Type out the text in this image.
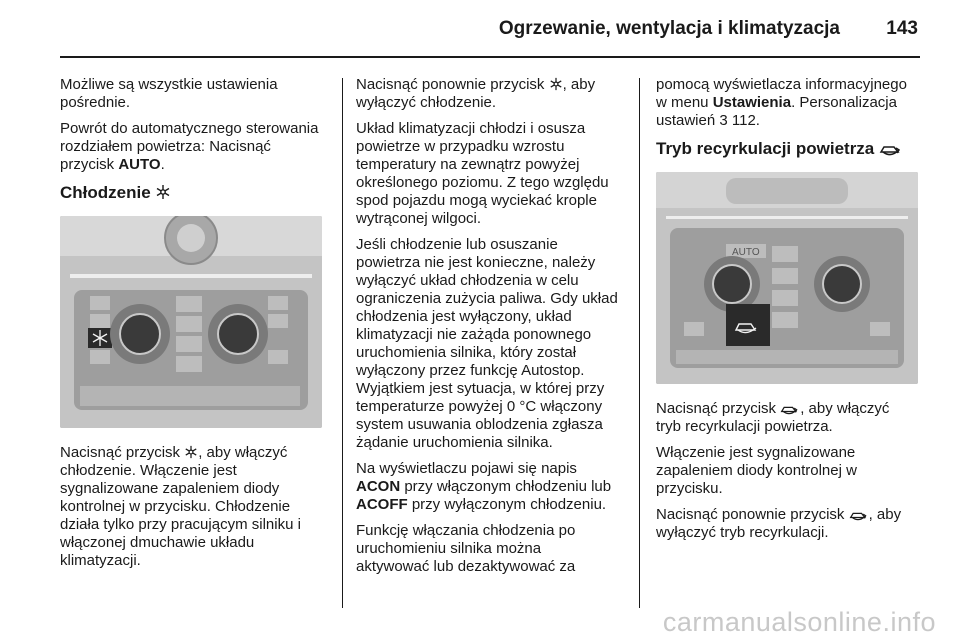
Ogrzewanie, wentylacja i klimatyzacja 143

Możliwe są wszystkie ustawienia pośrednie.

Powrót do automatycznego sterowania rozdziałem powietrza: Nacisnąć przycisk AUTO.

Chłodzenie

Nacisnąć przycisk , aby włączyć chłodzenie. Włączenie jest sygnalizowane zapaleniem diody kontrolnej w przycisku. Chłodzenie działa tylko przy pracującym silniku i włączonej dmuchawie układu klimatyzacji.

Nacisnąć ponownie przycisk , aby wyłączyć chłodzenie.

Układ klimatyzacji chłodzi i osusza powietrze w przypadku wzrostu temperatury na zewnątrz powyżej określonego poziomu. Z tego względu spod pojazdu mogą wyciekać krople wytrąconej wilgoci.

Jeśli chłodzenie lub osuszanie powietrza nie jest konieczne, należy wyłączyć układ chłodzenia w celu ograniczenia zużycia paliwa. Gdy układ chłodzenia jest wyłączony, układ klimatyzacji nie zażąda ponownego uruchomienia silnika, który został wyłączony przez funkcję Autostop. Wyjątkiem jest sytuacja, w której przy temperaturze powyżej 0 °C włączony system usuwania oblodzenia zgłasza żądanie uruchomienia silnika.

Na wyświetlaczu pojawi się napis ACON przy włączonym chłodzeniu lub ACOFF przy wyłączonym chłodzeniu.

Funkcję włączania chłodzenia po uruchomieniu silnika można aktywować lub dezaktywować za

pomocą wyświetlacza informacyjnego w menu Ustawienia. Personalizacja ustawień 3 112.

Tryb recyrkulacji powietrza
AUTO

Nacisnąć przycisk , aby włączyć tryb recyrkulacji powietrza.

Włączenie jest sygnalizowane zapaleniem diody kontrolnej w przycisku.

Nacisnąć ponownie przycisk , aby wyłączyć tryb recyrkulacji.

carmanualsonline.info
